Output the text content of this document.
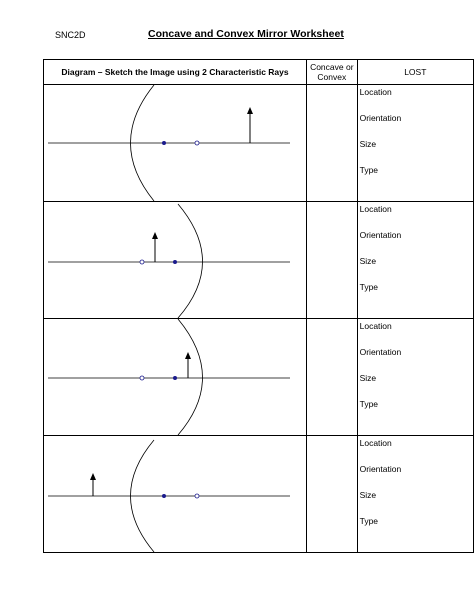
SNC2D	Concave and Convex Mirror Worksheet
Diagram – Sketch the Image using 2 Characteristic Rays	Concave or Convex	LOST

Location
Orientation
Size
Type

Location
Orientation
Size
Type

Location
Orientation
Size
Type

Location
Orientation
Size
Type
